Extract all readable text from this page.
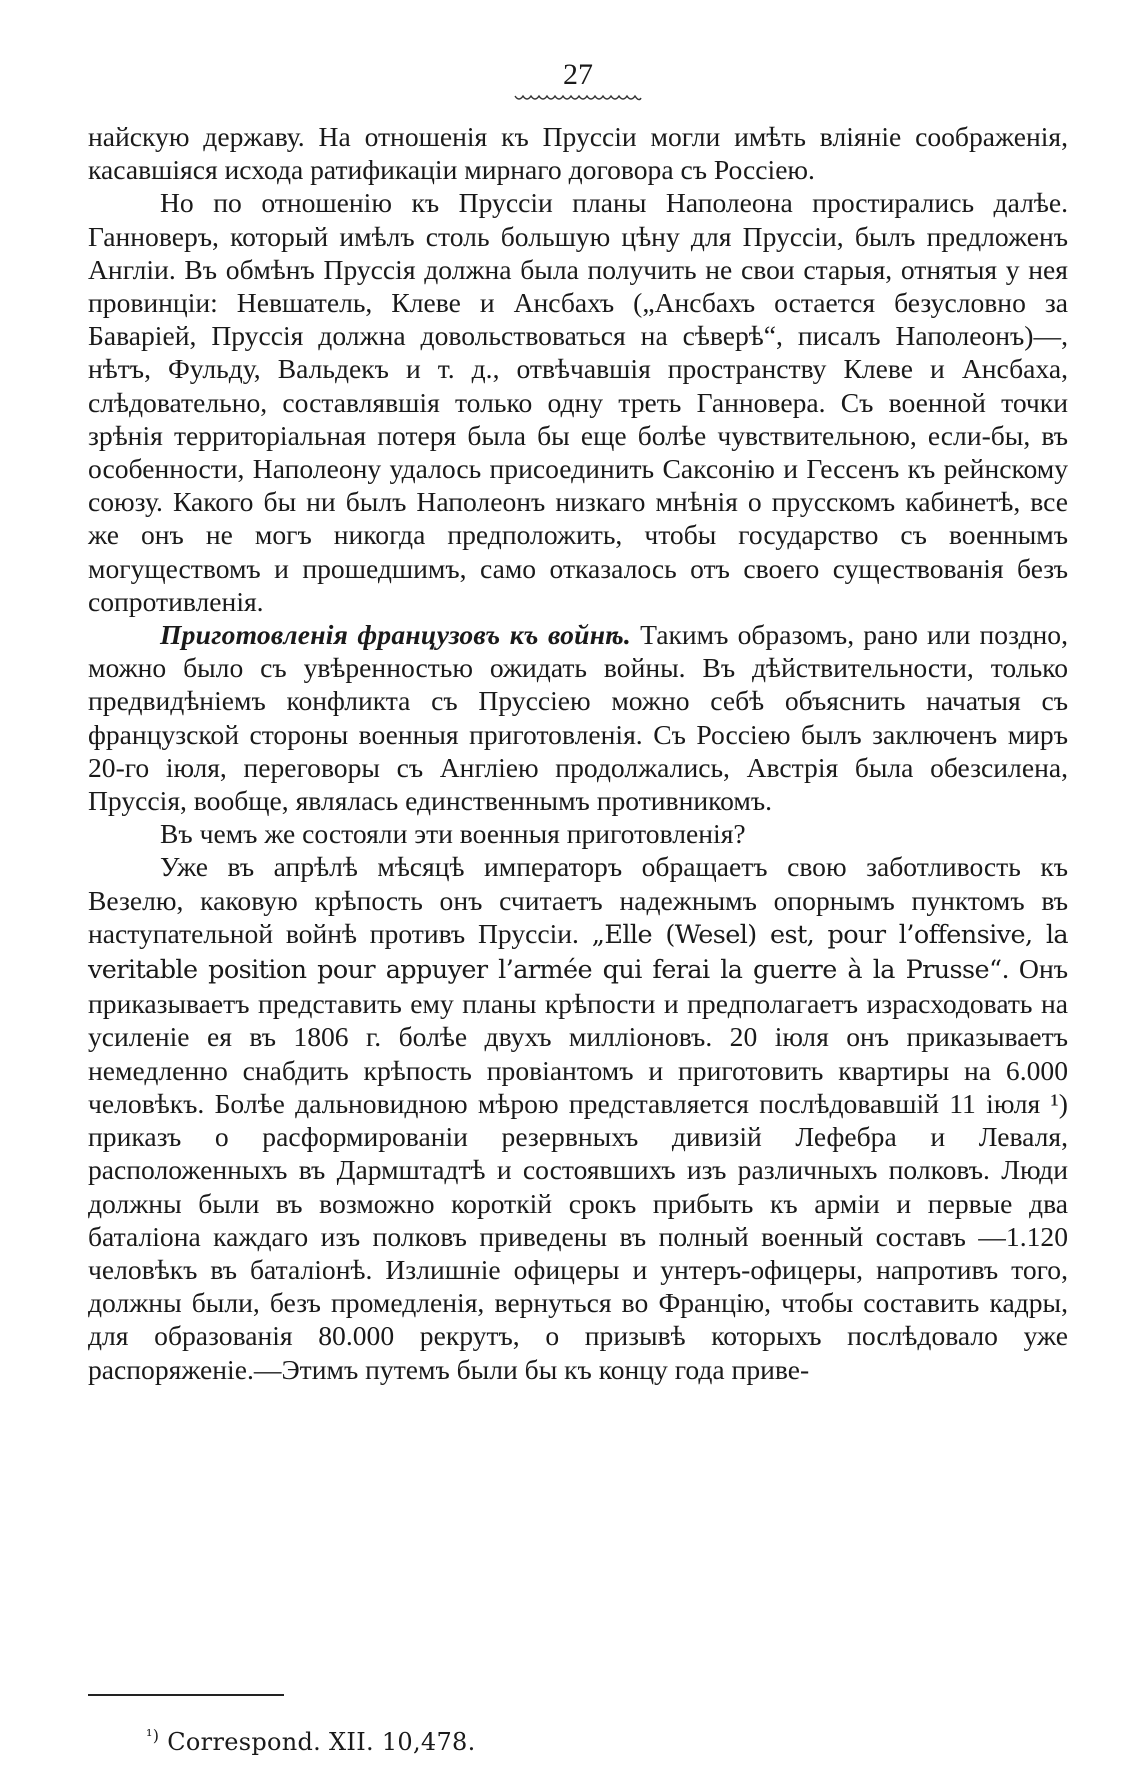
27

найскую державу. На отношенія къ Пруссіи могли имѣть вліяніе соображенія, касавшіяся исхода ратификаціи мирнаго договора съ Россіею.

Но по отношенію къ Пруссіи планы Наполеона простирались далѣе. Ганноверъ, который имѣлъ столь большую цѣну для Пруссіи, былъ предложенъ Англіи. Въ обмѣнъ Пруссія должна была получить не свои старыя, отнятыя у нея провинціи: Невшатель, Клеве и Ансбахъ („Ансбахъ остается безусловно за Баваріей, Пруссія должна довольствоваться на сѣверѣ“, писалъ Наполеонъ)—, нѣтъ, Фульду, Вальдекъ и т. д., отвѣчавшія пространству Клеве и Ансбаха, слѣдовательно, составлявшія только одну треть Ганновера. Съ военной точки зрѣнія территоріальная потеря была бы еще болѣе чувствительною, если-бы, въ особенности, Наполеону удалось присоединить Саксонію и Гессенъ къ рейнскому союзу. Какого бы ни былъ Наполеонъ низкаго мнѣнія о прусскомъ кабинетѣ, все же онъ не могъ никогда предположить, чтобы государство съ военнымъ могуществомъ и прошедшимъ, само отказалось отъ своего существованія безъ сопротивленія.

Приготовленія французовъ къ войнѣ. Такимъ образомъ, рано или поздно, можно было съ увѣренностью ожидать войны. Въ дѣйствительности, только предвидѣніемъ конфликта съ Пруссіею можно себѣ объяснить начатыя съ французской стороны военныя приготовленія. Съ Россіею былъ заключенъ миръ 20-го іюля, переговоры съ Англіею продолжались, Австрія была обезсилена, Пруссія, вообще, являлась единственнымъ противникомъ.

Въ чемъ же состояли эти военныя приготовленія?

Уже въ апрѣлѣ мѣсяцѣ императоръ обращаетъ свою заботливость къ Везелю, каковую крѣпость онъ считаетъ надежнымъ опорнымъ пунктомъ въ наступательной войнѣ противъ Пруссіи. „Elle (Wesel) est, pour l’offensive, la veritable position pour appuyer l’armée qui ferai la guerre à la Prusse“. Онъ приказываетъ представить ему планы крѣпости и предполагаетъ израсходовать на усиленіе ея въ 1806 г. болѣе двухъ милліоновъ. 20 іюля онъ приказываетъ немедленно снабдить крѣпость провіантомъ и приготовить квартиры на 6.000 человѣкъ. Болѣе дальновидною мѣрою представляется послѣдовавшій 11 іюля ¹) приказъ о расформированіи резервныхъ дивизій Лефебра и Леваля, расположенныхъ въ Дармштадтѣ и состоявшихъ изъ различныхъ полковъ. Люди должны были въ возможно короткій срокъ прибыть къ арміи и первые два баталіона каждаго изъ полковъ приведены въ полный военный составъ —1.120 человѣкъ въ баталіонѣ. Излишніе офицеры и унтеръ-офицеры, напротивъ того, должны были, безъ промедленія, вернуться во Францію, чтобы составить кадры, для образованія 80.000 рекрутъ, о призывѣ которыхъ послѣдовало уже распоряженіе.—Этимъ путемъ были бы къ концу года приве-

$^{^1)}$ Correspond. XII. 10,478.
